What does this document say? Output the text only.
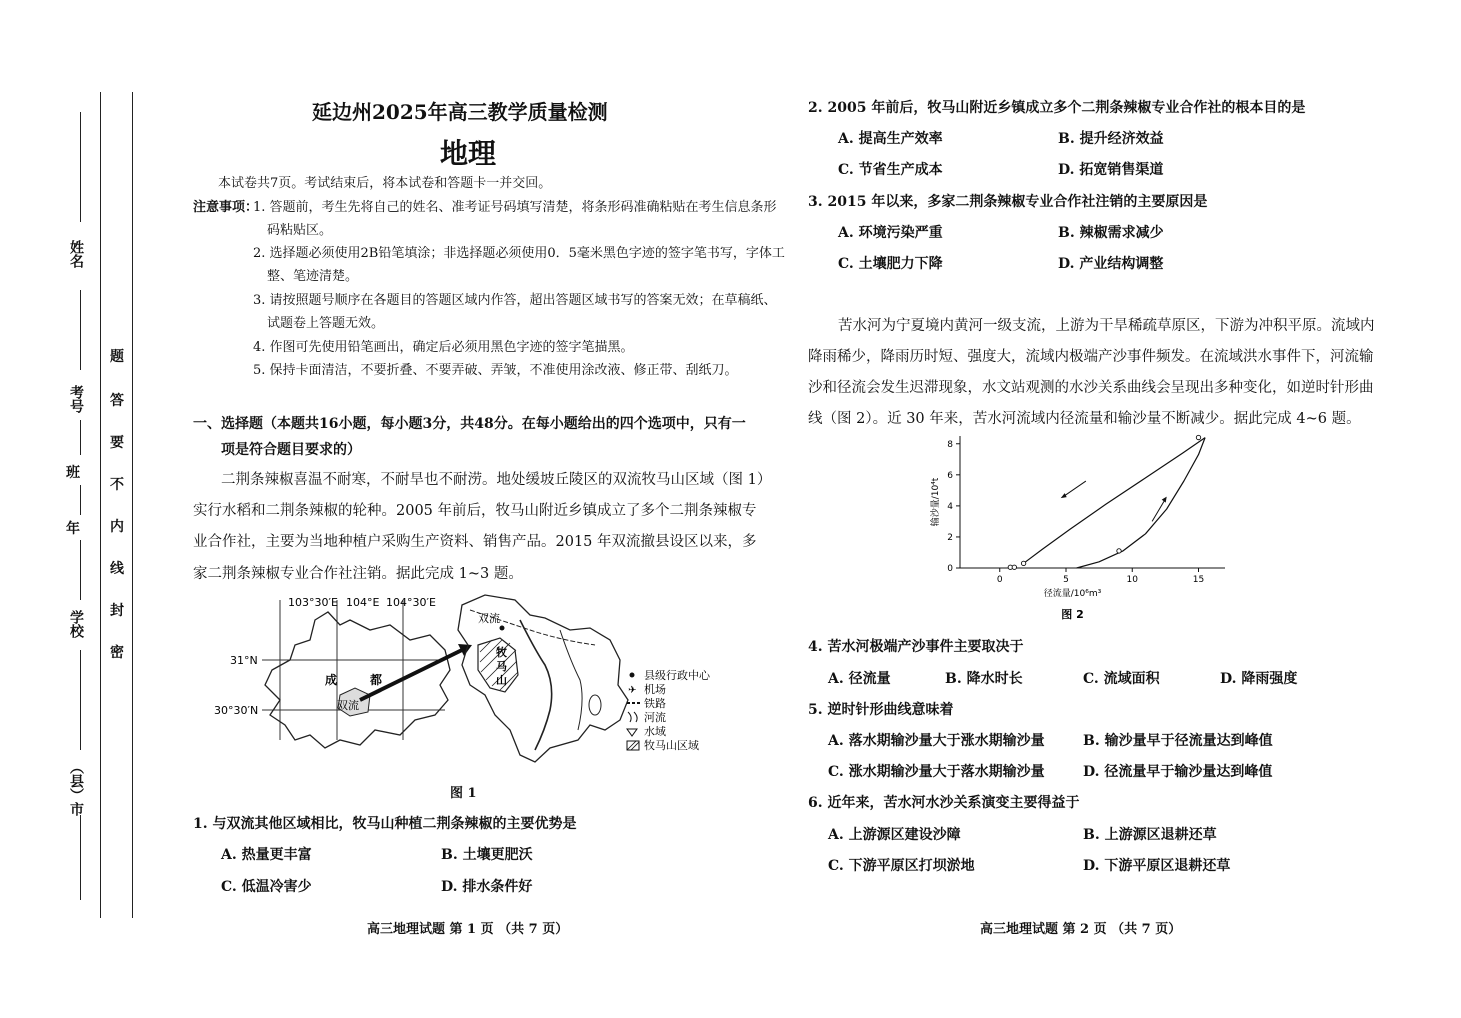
姓名
考号
班
年
学校
（县）市
题
答
要
不
内
线
封
密
延边州2025年高三教学质量检测
地理
本试卷共7页。考试结束后，将本试卷和答题卡一并交回。
注意事项：
1. 答题前，考生先将自己的姓名、准考证号码填写清楚，将条形码准确粘贴在考生信息条形
码粘贴区。
2. 选择题必须使用2B铅笔填涂；非选择题必须使用0．5毫米黑色字迹的签字笔书写，字体工
整、笔迹清楚。
3. 请按照题号顺序在各题目的答题区域内作答，超出答题区域书写的答案无效；在草稿纸、
试题卷上答题无效。
4. 作图可先使用铅笔画出，确定后必须用黑色字迹的签字笔描黑。
5. 保持卡面清洁，不要折叠、不要弄破、弄皱，不准使用涂改液、修正带、刮纸刀。
一、选择题（本题共16小题，每小题3分，共48分。在每小题给出的四个选项中，只有一
项是符合题目要求的）
二荆条辣椒喜温不耐寒，不耐旱也不耐涝。地处缓坡丘陵区的双流牧马山区域（图 1）
实行水稻和二荆条辣椒的轮种。2005 年前后，牧马山附近乡镇成立了多个二荆条辣椒专
业合作社，主要为当地种植户采购生产资料、销售产品。2015 年双流撤县设区以来，多
家二荆条辣椒专业合作社注销。据此完成 1~3 题。
103°30′E 104°E 104°30′E
31°N
30°30′N
成	都
双流
牧
马
山
双流
县级行政中心
✈ 机场
铁路
河流
水域
牧马山区域
图 1
1. 与双流其他区域相比，牧马山种植二荆条辣椒的主要优势是
A. 热量更丰富	B. 土壤更肥沃
C. 低温冷害少	D. 排水条件好
高三地理试题 第 1 页 （共 7 页）
2. 2005 年前后，牧马山附近乡镇成立多个二荆条辣椒专业合作社的根本目的是
A. 提高生产效率	B. 提升经济效益
C. 节省生产成本	D. 拓宽销售渠道
3. 2015 年以来，多家二荆条辣椒专业合作社注销的主要原因是
A. 环境污染严重	B. 辣椒需求减少
C. 土壤肥力下降	D. 产业结构调整
苦水河为宁夏境内黄河一级支流，上游为干旱稀疏草原区，下游为冲积平原。流域内
降雨稀少，降雨历时短、强度大，流域内极端产沙事件频发。在流域洪水事件下，河流输
沙和径流会发生迟滞现象，水文站观测的水沙关系曲线会呈现出多种变化，如逆时针形曲
线（图 2）。近 30 年来，苦水河流域内径流量和输沙量不断减少。据此完成 4~6 题。
0	5	10	15
0
2
4
6
8
径流量/10⁶m³
输沙量/10⁴t
图 2
4. 苦水河极端产沙事件主要取决于
A. 径流量	B. 降水时长	C. 流域面积	D. 降雨强度
5. 逆时针形曲线意味着
A. 落水期输沙量大于涨水期输沙量	B. 输沙量早于径流量达到峰值
C. 涨水期输沙量大于落水期输沙量	D. 径流量早于输沙量达到峰值
6. 近年来，苦水河水沙关系演变主要得益于
A. 上游源区建设沙障	B. 上游源区退耕还草
C. 下游平原区打坝淤地	D. 下游平原区退耕还草
高三地理试题 第 2 页 （共 7 页）
